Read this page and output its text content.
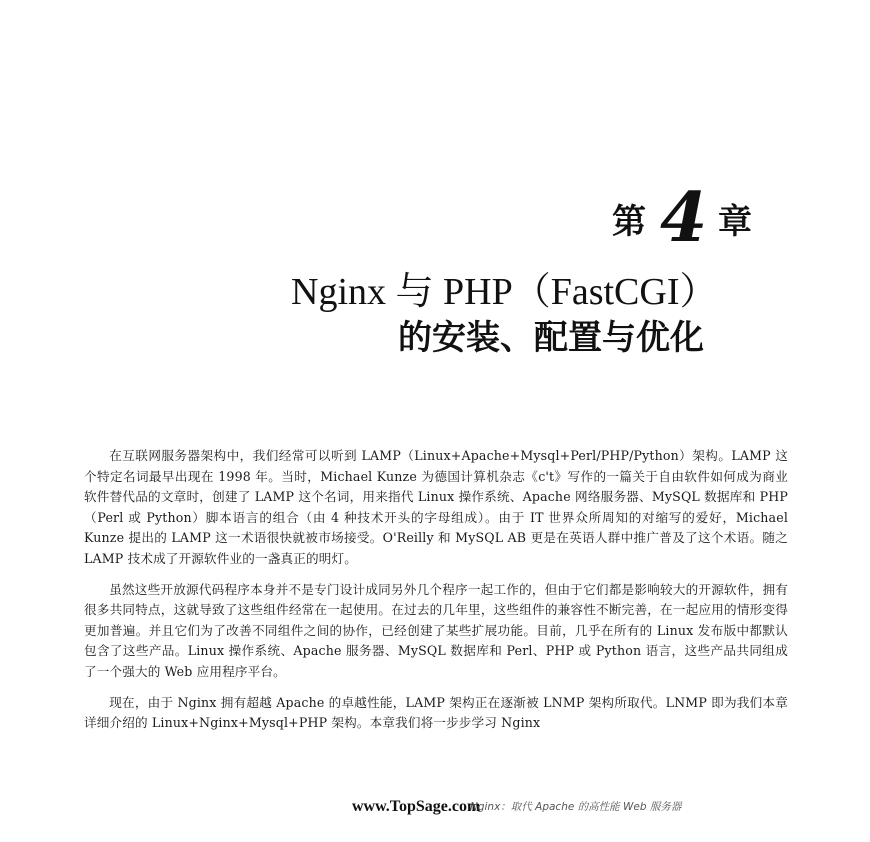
第 4 章
Nginx 与 PHP（FastCGI）
的安装、配置与优化

在互联网服务器架构中，我们经常可以听到 LAMP（Linux+Apache+Mysql+Perl/PHP/Python）架构。LAMP 这个特定名词最早出现在 1998 年。当时，Michael Kunze 为德国计算机杂志《c't》写作的一篇关于自由软件如何成为商业软件替代品的文章时，创建了 LAMP 这个名词，用来指代 Linux 操作系统、Apache 网络服务器、MySQL 数据库和 PHP（Perl 或 Python）脚本语言的组合（由 4 种技术开头的字母组成）。由于 IT 世界众所周知的对缩写的爱好，Michael Kunze 提出的 LAMP 这一术语很快就被市场接受。O'Reilly 和 MySQL AB 更是在英语人群中推广普及了这个术语。随之 LAMP 技术成了开源软件业的一盏真正的明灯。

虽然这些开放源代码程序本身并不是专门设计成同另外几个程序一起工作的，但由于它们都是影响较大的开源软件，拥有很多共同特点，这就导致了这些组件经常在一起使用。在过去的几年里，这些组件的兼容性不断完善，在一起应用的情形变得更加普遍。并且它们为了改善不同组件之间的协作，已经创建了某些扩展功能。目前，几乎在所有的 Linux 发布版中都默认包含了这些产品。Linux 操作系统、Apache 服务器、MySQL 数据库和 Perl、PHP 或 Python 语言，这些产品共同组成了一个强大的 Web 应用程序平台。

现在，由于 Nginx 拥有超越 Apache 的卓越性能，LAMP 架构正在逐渐被 LNMP 架构所取代。LNMP 即为我们本章详细介绍的 Linux+Nginx+Mysql+PHP 架构。本章我们将一步步学习 Nginx

www.TopSage.com
Nginx：取代 Apache 的高性能 Web 服务器
